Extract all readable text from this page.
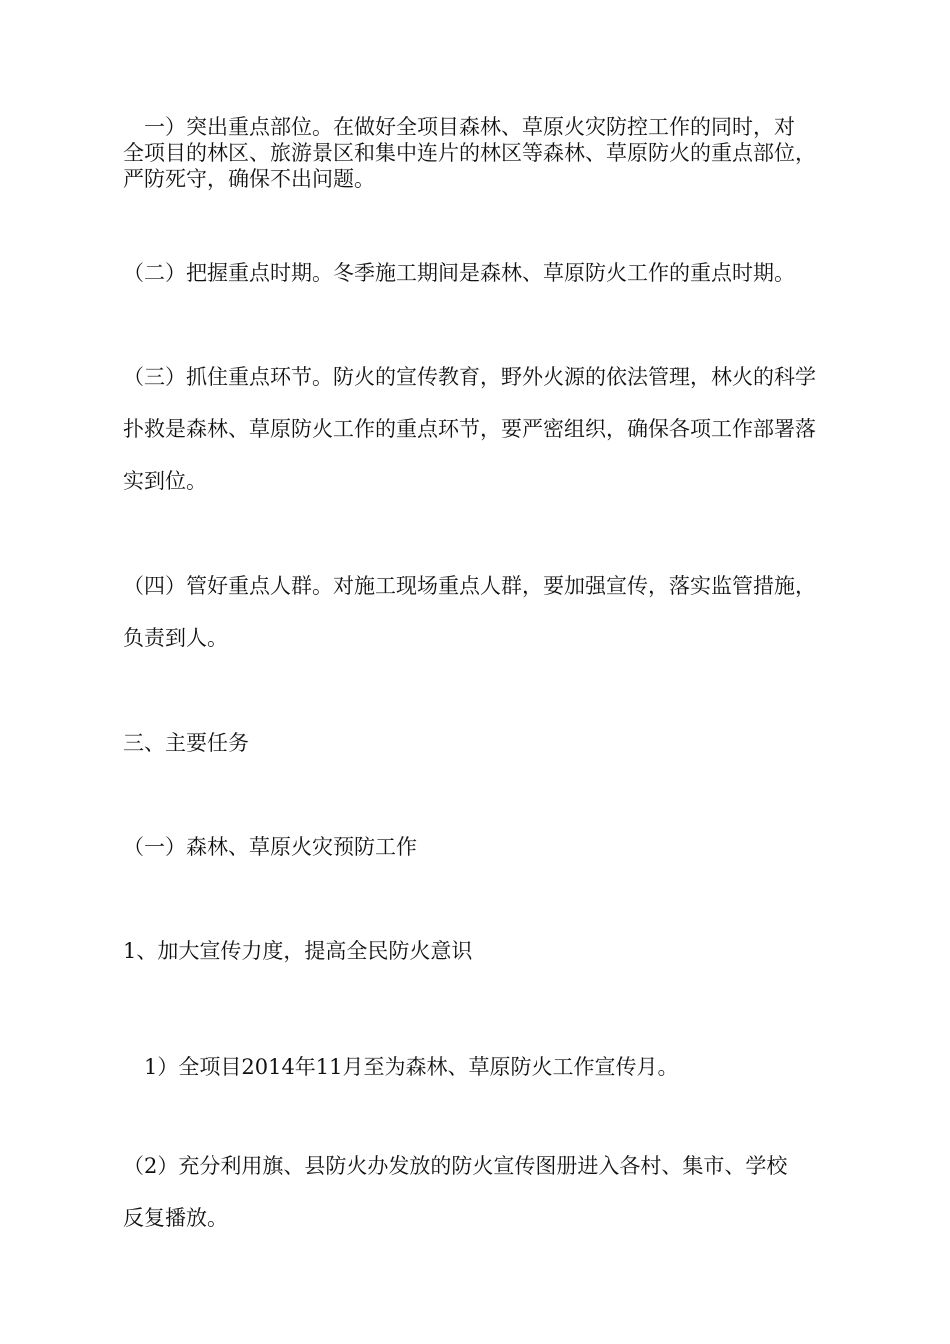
　一）突出重点部位。在做好全项目森林、草原火灾防控工作的同时，对
全项目的林区、旅游景区和集中连片的林区等森林、草原防火的重点部位，
严防死守，确保不出问题。
（二）把握重点时期。冬季施工期间是森林、草原防火工作的重点时期。
（三）抓住重点环节。防火的宣传教育，野外火源的依法管理，林火的科学
扑救是森林、草原防火工作的重点环节，要严密组织，确保各项工作部署落
实到位。
（四）管好重点人群。对施工现场重点人群，要加强宣传，落实监管措施，
负责到人。
三、主要任务
（一）森林、草原火灾预防工作
1、加大宣传力度，提高全民防火意识
　1）全项目2014年11月至为森林、草原防火工作宣传月。
（2）充分利用旗、县防火办发放的防火宣传图册进入各村、集市、学校
反复播放。
